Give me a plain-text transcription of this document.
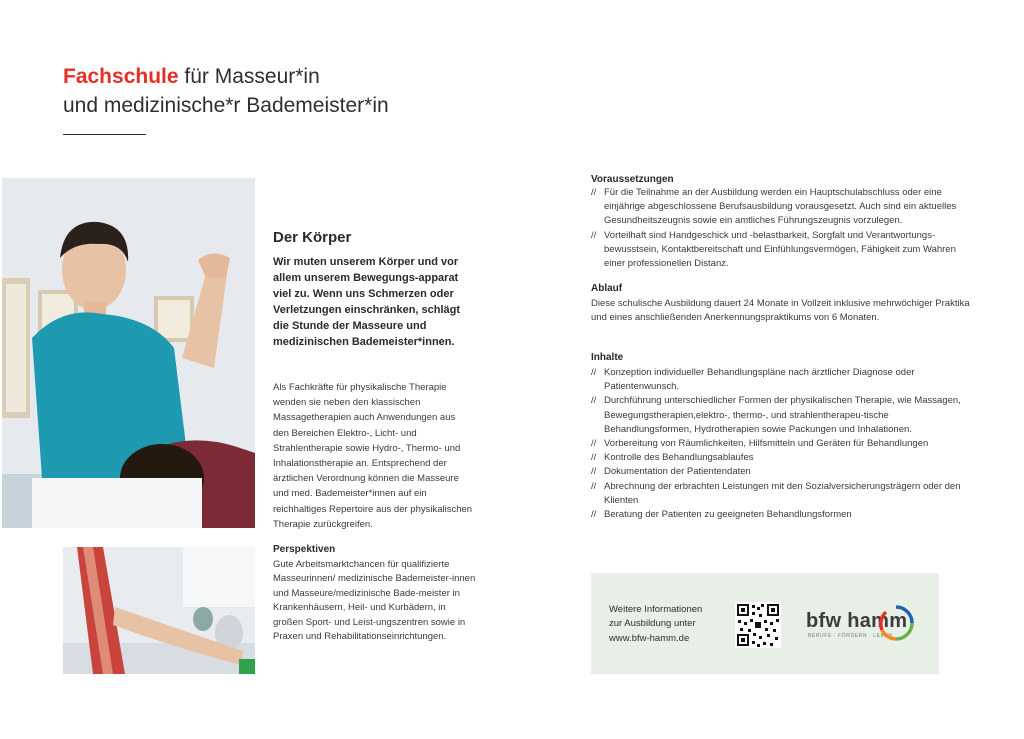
Fachschule für Masseur*in
und medizinische*r Bademeister*in
Der Körper
Wir muten unserem Körper und vor allem unserem Bewegungs-apparat viel zu. Wenn uns Schmerzen oder Verletzungen einschränken, schlägt die Stunde der Masseure und medizinischen Bademeister*innen.
Als Fachkräfte für physikalische Therapie wenden sie neben den klassischen Massagetherapien auch Anwendungen aus den Bereichen Elektro-, Licht- und Strahlentherapie sowie Hydro-, Thermo- und Inhalationstherapie an. Entsprechend der ärztlichen Verordnung können die Masseure und med. Bademeister*innen auf ein reichhaltiges Repertoire aus der physikalischen Therapie zurückgreifen.
Perspektiven
Gute Arbeitsmarktchancen für qualifizierte Masseurinnen/ medizinische Bademeister-innen und Masseure/medizinische Bade-meister in Krankenhäusern, Heil- und Kurbädern, in großen Sport- und Leist-ungszentren sowie in Praxen und Rehabilitationseinrichtungen.
Voraussetzungen
// Für die Teilnahme an der Ausbildung werden ein Hauptschulabschluss oder eine einjährige abgeschlossene Berufsausbildung vorausgesetzt. Auch sind ein aktuelles Gesundheitszeugnis sowie ein amtliches Führungszeugnis vorzulegen.
// Vorteilhaft sind Handgeschick und -belastbarkeit, Sorgfalt und Verantwortungs-bewusstsein, Kontaktbereitschaft und Einfühlungsvermögen, Fähigkeit zum Wahren einer professionellen Distanz.
Ablauf
Diese schulische Ausbildung dauert 24 Monate in Vollzeit inklusive mehrwöchiger Praktika und eines anschließenden Anerkennungspraktikums von 6 Monaten.
Inhalte
// Konzeption individueller Behandlungspläne nach ärztlicher Diagnose oder Patientenwunsch.
// Durchführung unterschiedlicher Formen der physikalischen Therapie, wie Massagen, Bewegungstherapien,elektro-, thermo-, und strahlentherapeu-tische Behandlungsformen, Hydrotherapien sowie Packungen und Inhalationen.
// Vorbereitung von Räumlichkeiten, Hilfsmitteln und Geräten für Behandlungen
// Kontrolle des Behandlungsablaufes
// Dokumentation der Patientendaten
// Abrechnung der erbrachten Leistungen mit den Sozialversicherungsträgern oder den Klienten
// Beratung der Patienten zu geeigneten Behandlungsformen
Weitere Informationen
zur Ausbildung unter
www.bfw-hamm.de
bfw hamm
BERUFE · FÖRDERN · LEBEN
